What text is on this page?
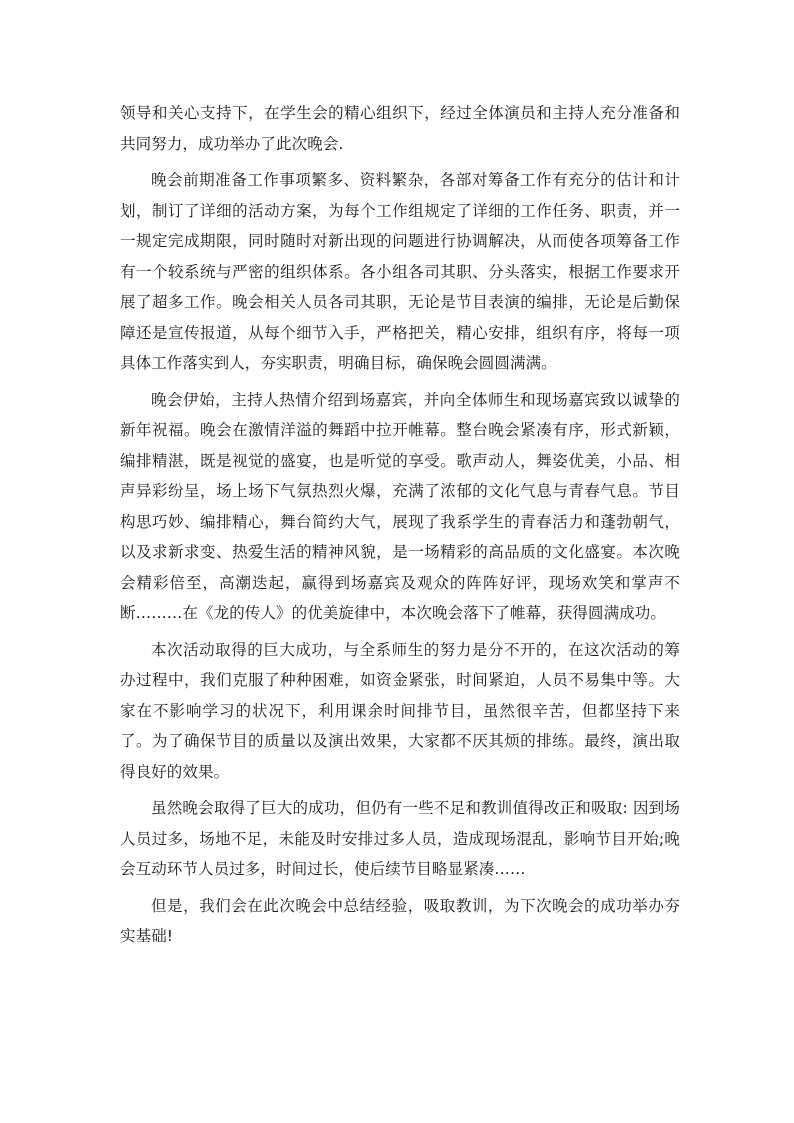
领导和关心支持下，在学生会的精心组织下，经过全体演员和主持人充分准备和共同努力，成功举办了此次晚会.

晚会前期准备工作事项繁多、资料繁杂，各部对筹备工作有充分的估计和计划，制订了详细的活动方案，为每个工作组规定了详细的工作任务、职责，并一一规定完成期限，同时随时对新出现的问题进行协调解决，从而使各项筹备工作有一个较系统与严密的组织体系。各小组各司其职、分头落实，根据工作要求开展了超多工作。晚会相关人员各司其职，无论是节目表演的编排，无论是后勤保障还是宣传报道，从每个细节入手，严格把关，精心安排，组织有序，将每一项具体工作落实到人，夯实职责，明确目标，确保晚会圆圆满满。

晚会伊始，主持人热情介绍到场嘉宾，并向全体师生和现场嘉宾致以诚挚的新年祝福。晚会在激情洋溢的舞蹈中拉开帷幕。整台晚会紧凑有序，形式新颖，编排精湛，既是视觉的盛宴，也是听觉的享受。歌声动人，舞姿优美，小品、相声异彩纷呈，场上场下气氛热烈火爆，充满了浓郁的文化气息与青春气息。节目构思巧妙、编排精心，舞台简约大气，展现了我系学生的青春活力和蓬勃朝气，以及求新求变、热爱生活的精神风貌，是一场精彩的高品质的文化盛宴。本次晚会精彩倍至，高潮迭起，赢得到场嘉宾及观众的阵阵好评，现场欢笑和掌声不断………在《龙的传人》的优美旋律中，本次晚会落下了帷幕，获得圆满成功。

本次活动取得的巨大成功，与全系师生的努力是分不开的，在这次活动的筹办过程中，我们克服了种种困难，如资金紧张，时间紧迫，人员不易集中等。大家在不影响学习的状况下，利用课余时间排节目，虽然很辛苦，但都坚持下来了。为了确保节目的质量以及演出效果，大家都不厌其烦的排练。最终，演出取得良好的效果。

虽然晚会取得了巨大的成功，但仍有一些不足和教训值得改正和吸取: 因到场人员过多，场地不足，未能及时安排过多人员，造成现场混乱，影响节目开始;晚会互动环节人员过多，时间过长，使后续节目略显紧凑……

但是，我们会在此次晚会中总结经验，吸取教训，为下次晚会的成功举办夯实基础!
